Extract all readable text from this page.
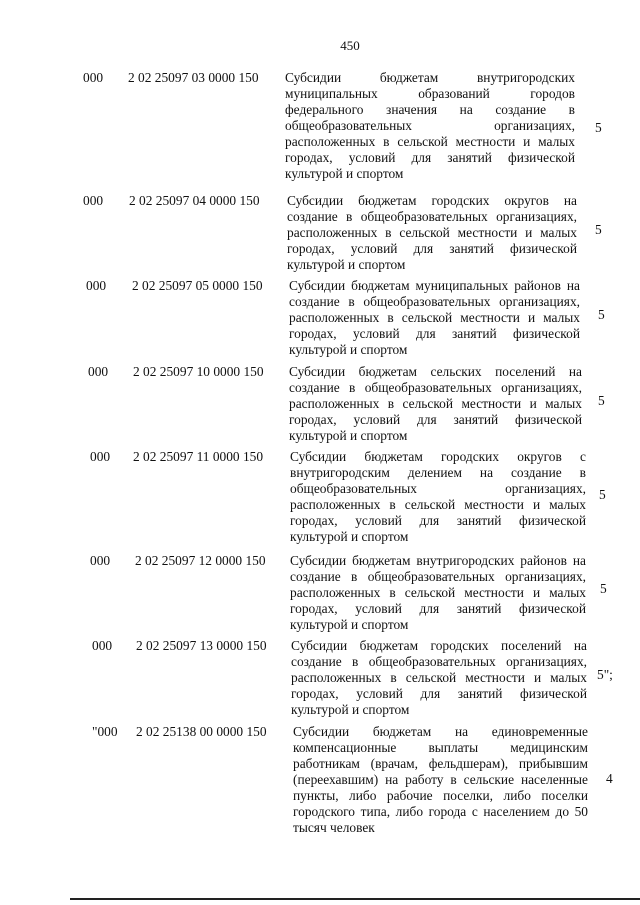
450
000 2 02 25097 03 0000 150 Субсидии бюджетам внутригородских муниципальных образований городов федерального значения на создание в общеобразовательных организациях, расположенных в сельской местности и малых городах, условий для занятий физической культурой и спортом
5
000 2 02 25097 04 0000 150 Субсидии бюджетам городских округов на создание в общеобразовательных организациях, расположенных в сельской местности и малых городах, условий для занятий физической культурой и спортом
5
000 2 02 25097 05 0000 150 Субсидии бюджетам муниципальных районов на создание в общеобразовательных организациях, расположенных в сельской местности и малых городах, условий для занятий физической культурой и спортом
5
000 2 02 25097 10 0000 150 Субсидии бюджетам сельских поселений на создание в общеобразовательных организациях, расположенных в сельской местности и малых городах, условий для занятий физической культурой и спортом
5
000 2 02 25097 11 0000 150 Субсидии бюджетам городских округов с внутригородским делением на создание в общеобразовательных организациях, расположенных в сельской местности и малых городах, условий для занятий физической культурой и спортом
5
000 2 02 25097 12 0000 150 Субсидии бюджетам внутригородских районов на создание в общеобразовательных организациях, расположенных в сельской местности и малых городах, условий для занятий физической культурой и спортом
5
000 2 02 25097 13 0000 150 Субсидии бюджетам городских поселений на создание в общеобразовательных организациях, расположенных в сельской местности и малых городах, условий для занятий физической культурой и спортом
5";
"000 2 02 25138 00 0000 150 Субсидии бюджетам на единовременные компенсационные выплаты медицинским работникам (врачам, фельдшерам), прибывшим (переехавшим) на работу в сельские населенные пункты, либо рабочие поселки, либо поселки городского типа, либо города с населением до 50 тысяч человек
4
